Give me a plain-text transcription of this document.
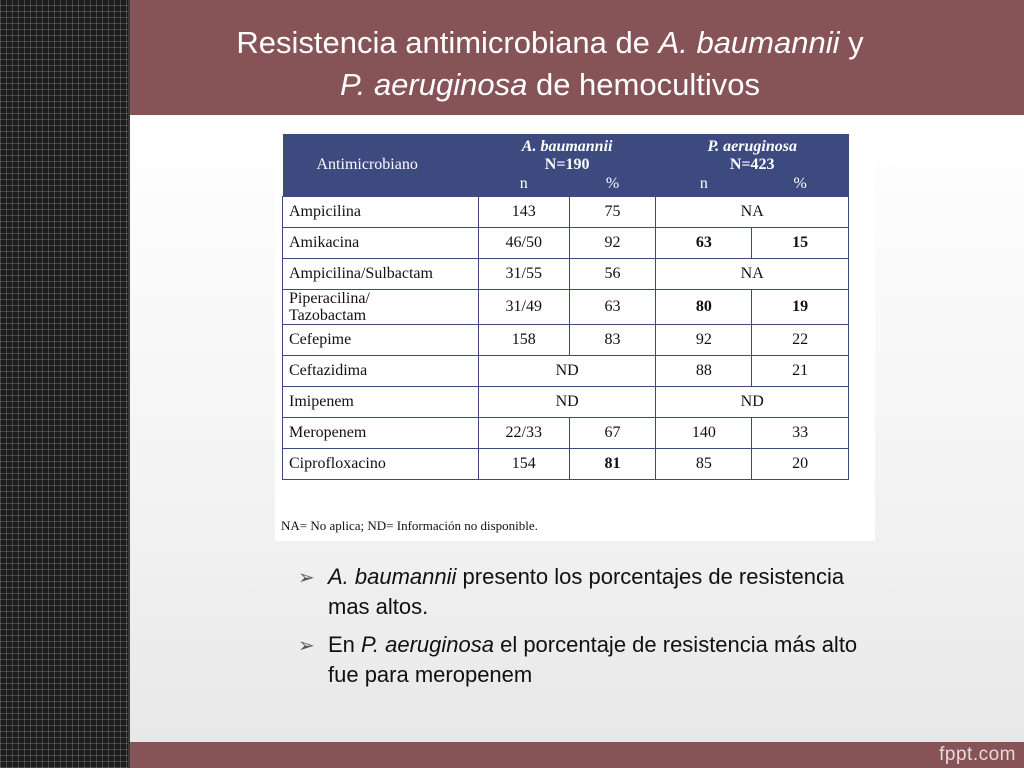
Resistencia antimicrobiana de A. baumannii y
P. aeruginosa de hemocultivos
Antimicrobiano	A. baumannii		P. aeruginosa	
	N=190		N=423	
	n	%	n	%
Ampicilina	143	75	NA	
Amikacina	46/50	92	63	15
Ampicilina/Sulbactam	31/55	56	NA	
Piperacilina/
Tazobactam	31/49	63	80	19
Cefepime	158	83	92	22
Ceftazidima	ND		88	21
Imipenem	ND		ND	
Meropenem	22/33	67	140	33
Ciprofloxacino	154	81	85	20
NA= No aplica; ND= Información no disponible.
➢ A. baumannii presento los porcentajes de resistencia mas altos.
➢ En P. aeruginosa el porcentaje de resistencia más alto fue para meropenem
fppt.com
